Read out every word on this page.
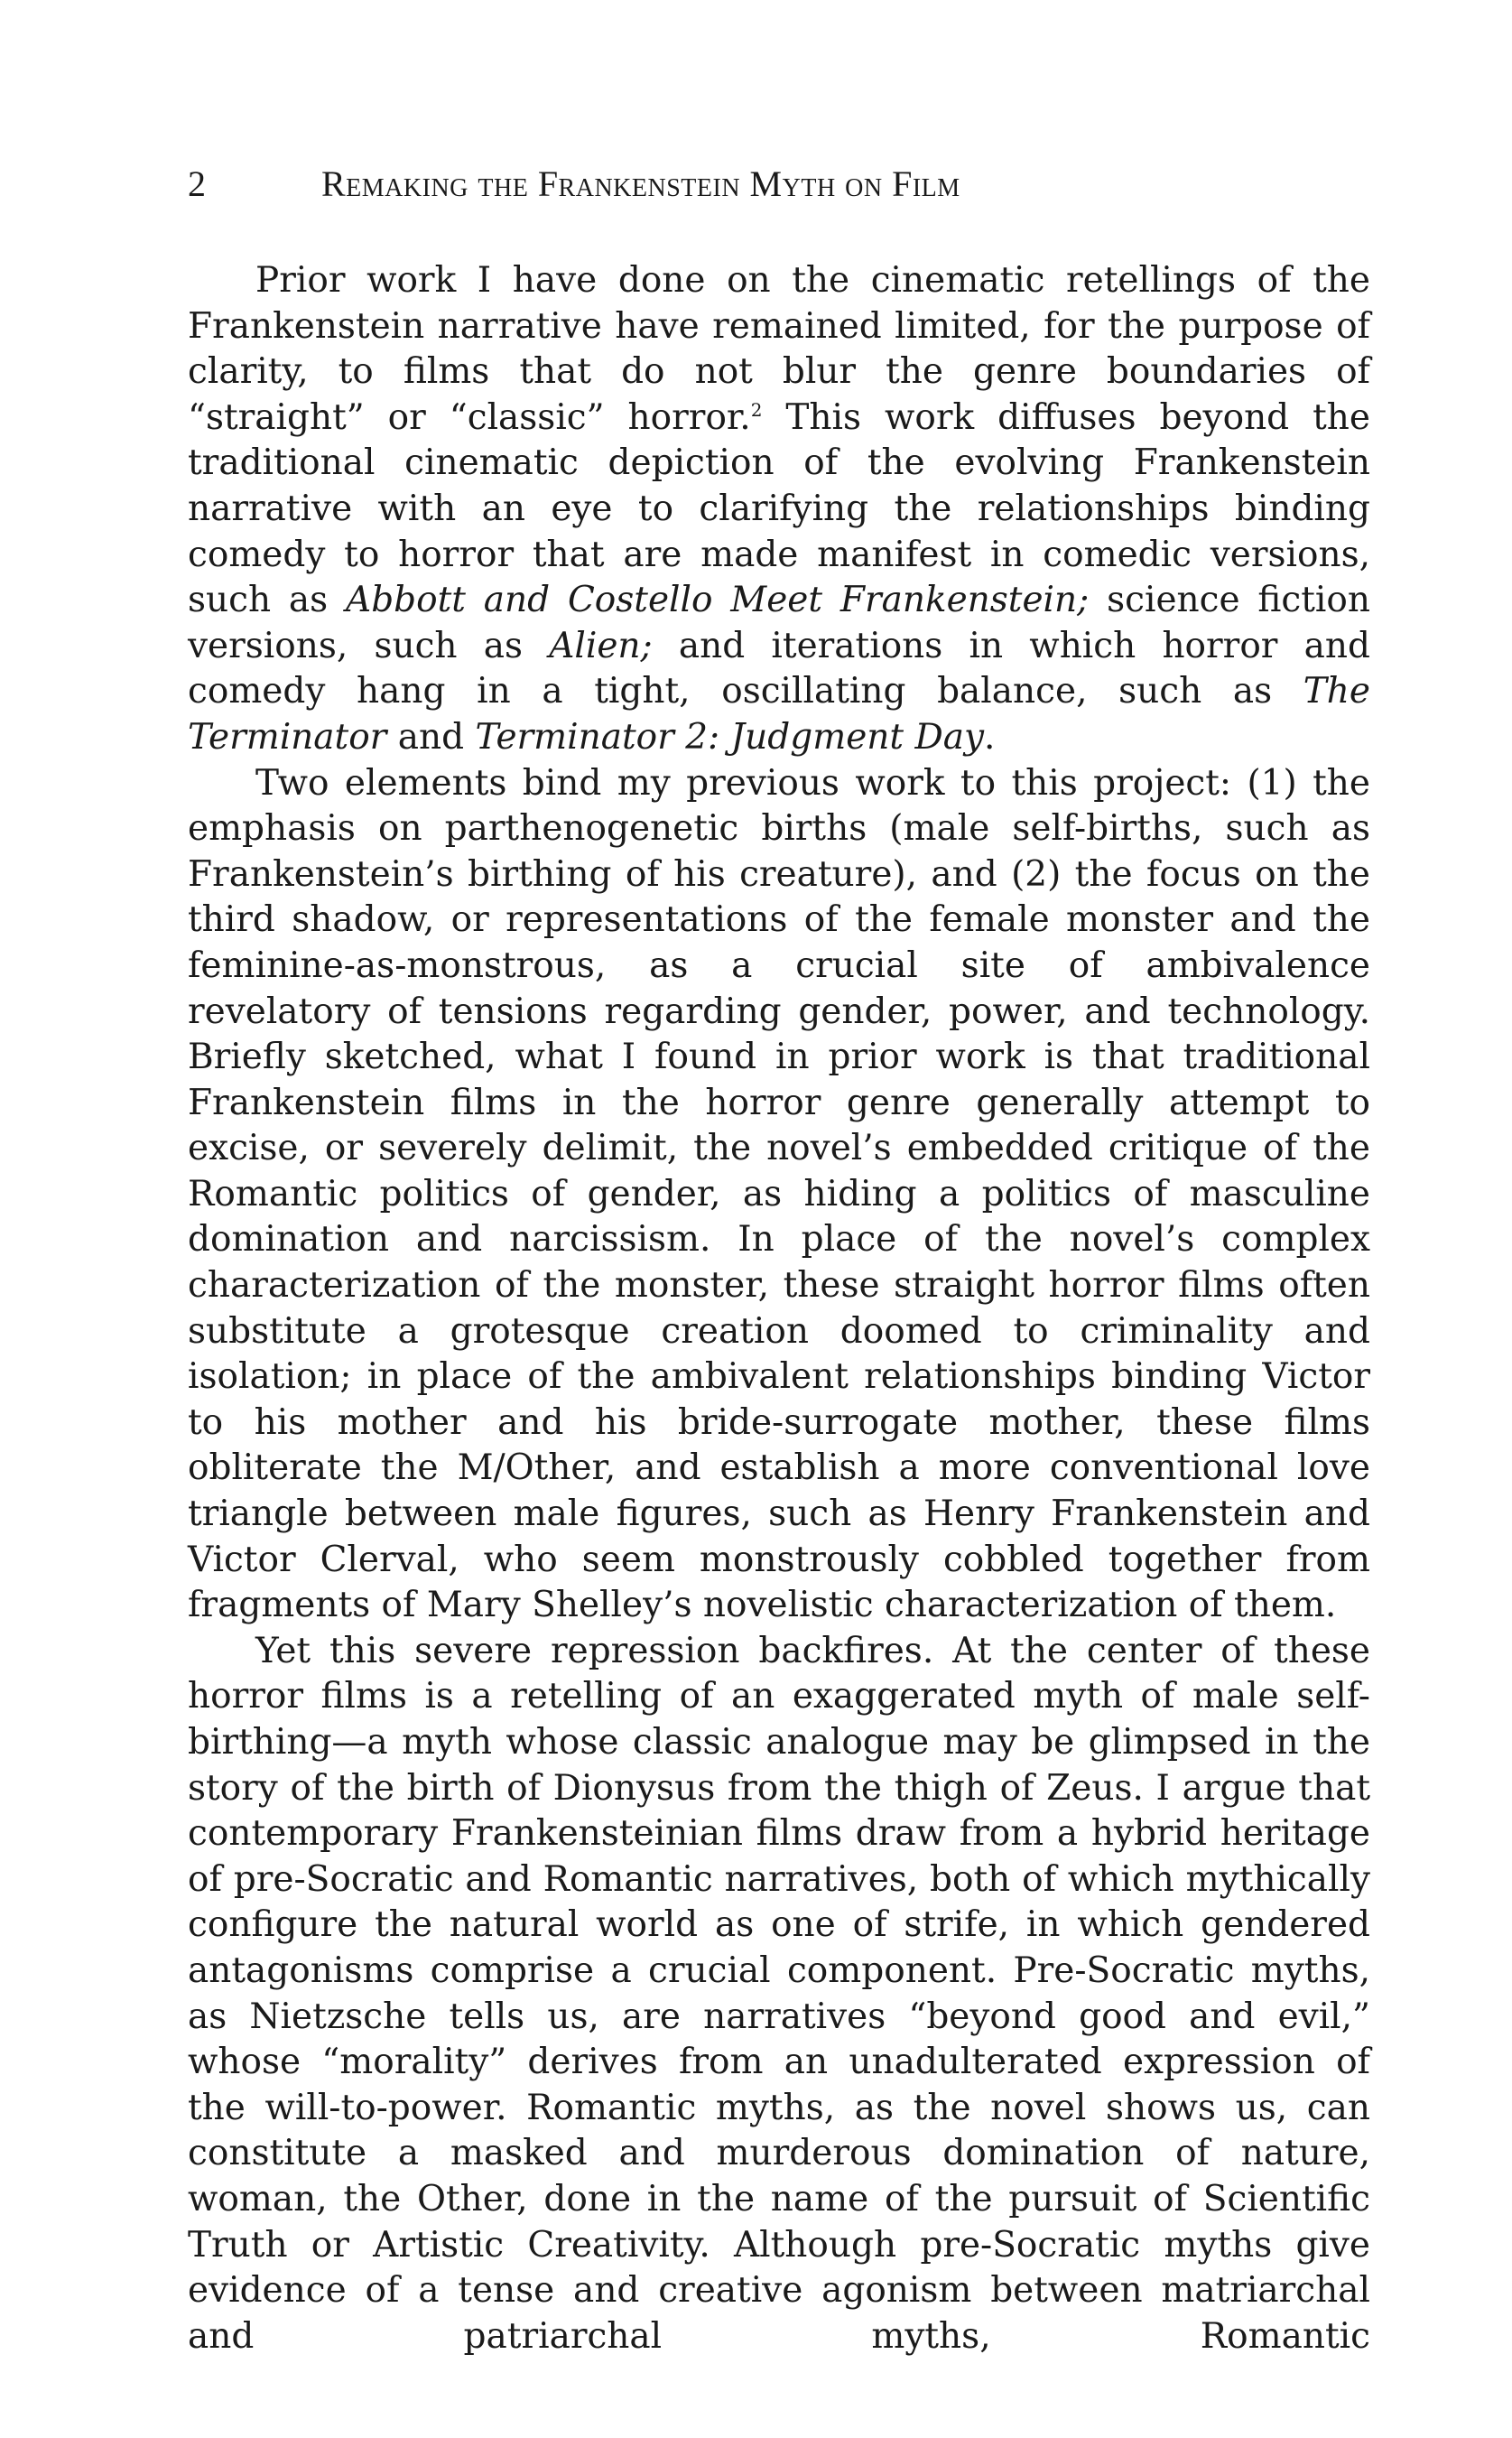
2	Remaking the Frankenstein Myth on Film

Prior work I have done on the cinematic retellings of the Frankenstein narrative have remained limited, for the purpose of clarity, to films that do not blur the genre boundaries of “straight” or “classic” horror.$^2$ This work diffuses beyond the traditional cinematic depiction of the evolving Frankenstein narrative with an eye to clarifying the relationships binding comedy to horror that are made manifest in comedic versions, such as Abbott and Costello Meet Frankenstein; science fiction versions, such as Alien; and iterations in which horror and comedy hang in a tight, oscillating balance, such as The Terminator and Terminator 2: Judgment Day.

Two elements bind my previous work to this project: (1) the emphasis on parthenogenetic births (male self-births, such as Frankenstein’s birthing of his creature), and (2) the focus on the third shadow, or representations of the female monster and the feminine-as-monstrous, as a crucial site of ambivalence revelatory of tensions regarding gender, power, and technology. Briefly sketched, what I found in prior work is that traditional Frankenstein films in the horror genre generally attempt to excise, or severely delimit, the novel’s embedded critique of the Romantic politics of gender, as hiding a politics of masculine domination and narcissism. In place of the novel’s complex characterization of the monster, these straight horror films often substitute a grotesque creation doomed to criminality and isolation; in place of the ambivalent relationships binding Victor to his mother and his bride-surrogate mother, these films obliterate the M/Other, and establish a more conventional love triangle between male figures, such as Henry Frankenstein and Victor Clerval, who seem monstrously cobbled together from fragments of Mary Shelley’s novelistic characterization of them.

Yet this severe repression backfires. At the center of these horror films is a retelling of an exaggerated myth of male self-birthing—a myth whose classic analogue may be glimpsed in the story of the birth of Dionysus from the thigh of Zeus. I argue that contemporary Frankensteinian films draw from a hybrid heritage of pre-Socratic and Romantic narratives, both of which mythically configure the natural world as one of strife, in which gendered antagonisms comprise a crucial component. Pre-Socratic myths, as Nietzsche tells us, are narratives “beyond good and evil,” whose “morality” derives from an unadulterated expression of the will-to-power. Romantic myths, as the novel shows us, can constitute a masked and murderous domination of nature, woman, the Other, done in the name of the pursuit of Scientific Truth or Artistic Creativity. Although pre-Socratic myths give evidence of a tense and creative agonism between matriarchal and patriarchal myths, Romantic
